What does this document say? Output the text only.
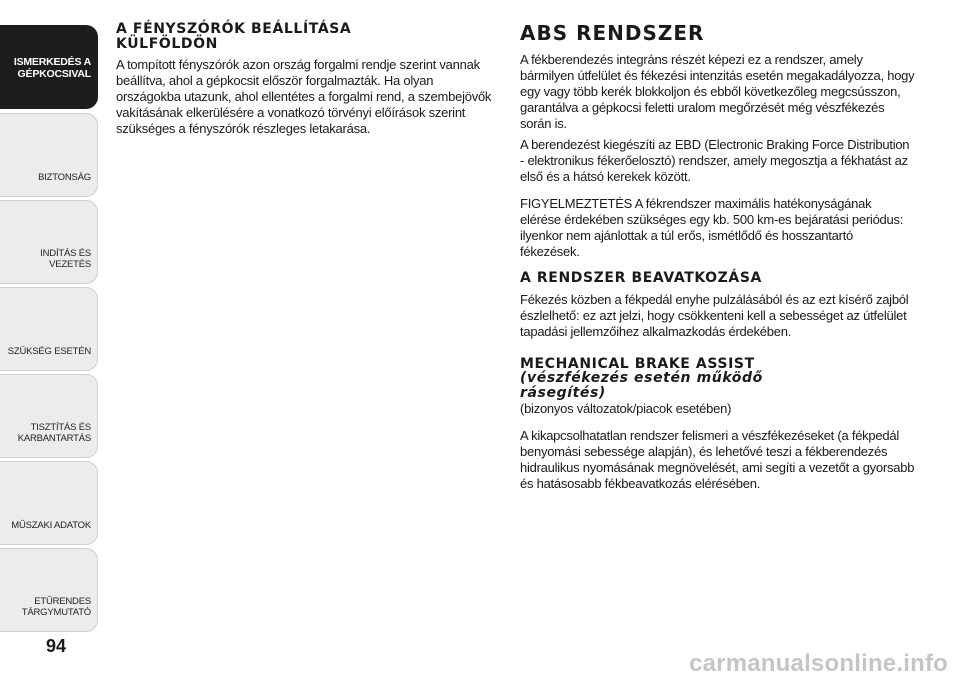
ISMERKEDÉS A
GÉPKOCSIVAL
BIZTONSÁG
INDÍTÁS ÉS VEZETÉS
SZÜKSÉG ESETÉN
TISZTÍTÁS ÉS
KARBANTARTÁS
MŰSZAKI ADATOK
ETŰRENDES
TÁRGYMUTATÓ
94
A FÉNYSZÓRÓK BEÁLLÍTÁSA
KÜLFÖLDÖN

A tompított fényszórók azon ország forgalmi rendje szerint vannak beállítva, ahol a gépkocsit először forgalmazták. Ha olyan országokba utazunk, ahol ellentétes a forgalmi rend, a szembejövők vakításának elkerülésére a vonatkozó törvényi előírások szerint szükséges a fényszórók részleges letakarása.

ABS RENDSZER

A fékberendezés integráns részét képezi ez a rendszer, amely bármilyen útfelület és fékezési intenzitás esetén megakadályozza, hogy egy vagy több kerék blokkoljon és ebből következőleg megcsússzon, garantálva a gépkocsi feletti uralom megőrzését még vészfékezés során is.

A berendezést kiegészíti az EBD (Electronic Braking Force Distribution - elektronikus fékerőelosztó) rendszer, amely megosztja a fékhatást az első és a hátsó kerekek között.

FIGYELMEZTETÉS A fékrendszer maximális hatékonyságának elérése érdekében szükséges egy kb. 500 km-es bejáratási periódus: ilyenkor nem ajánlottak a túl erős, ismétlődő és hosszantartó fékezések.

A RENDSZER BEAVATKOZÁSA

Fékezés közben a fékpedál enyhe pulzálásából és az ezt kísérő zajból észlelhető: ez azt jelzi, hogy csökkenteni kell a sebességet az útfelület tapadási jellemzőihez alkalmazkodás érdekében.

MECHANICAL BRAKE ASSIST
(vészfékezés esetén működő
rásegítés)

(bizonyos változatok/piacok esetében)

A kikapcsolhatatlan rendszer felismeri a vészfékezéseket (a fékpedál benyomási sebessége alapján), és lehetővé teszi a fékberendezés hidraulikus nyomásának megnövelését, ami segíti a vezetőt a gyorsabb és hatásosabb fékbeavatkozás elérésében.

carmanualsonline.info
